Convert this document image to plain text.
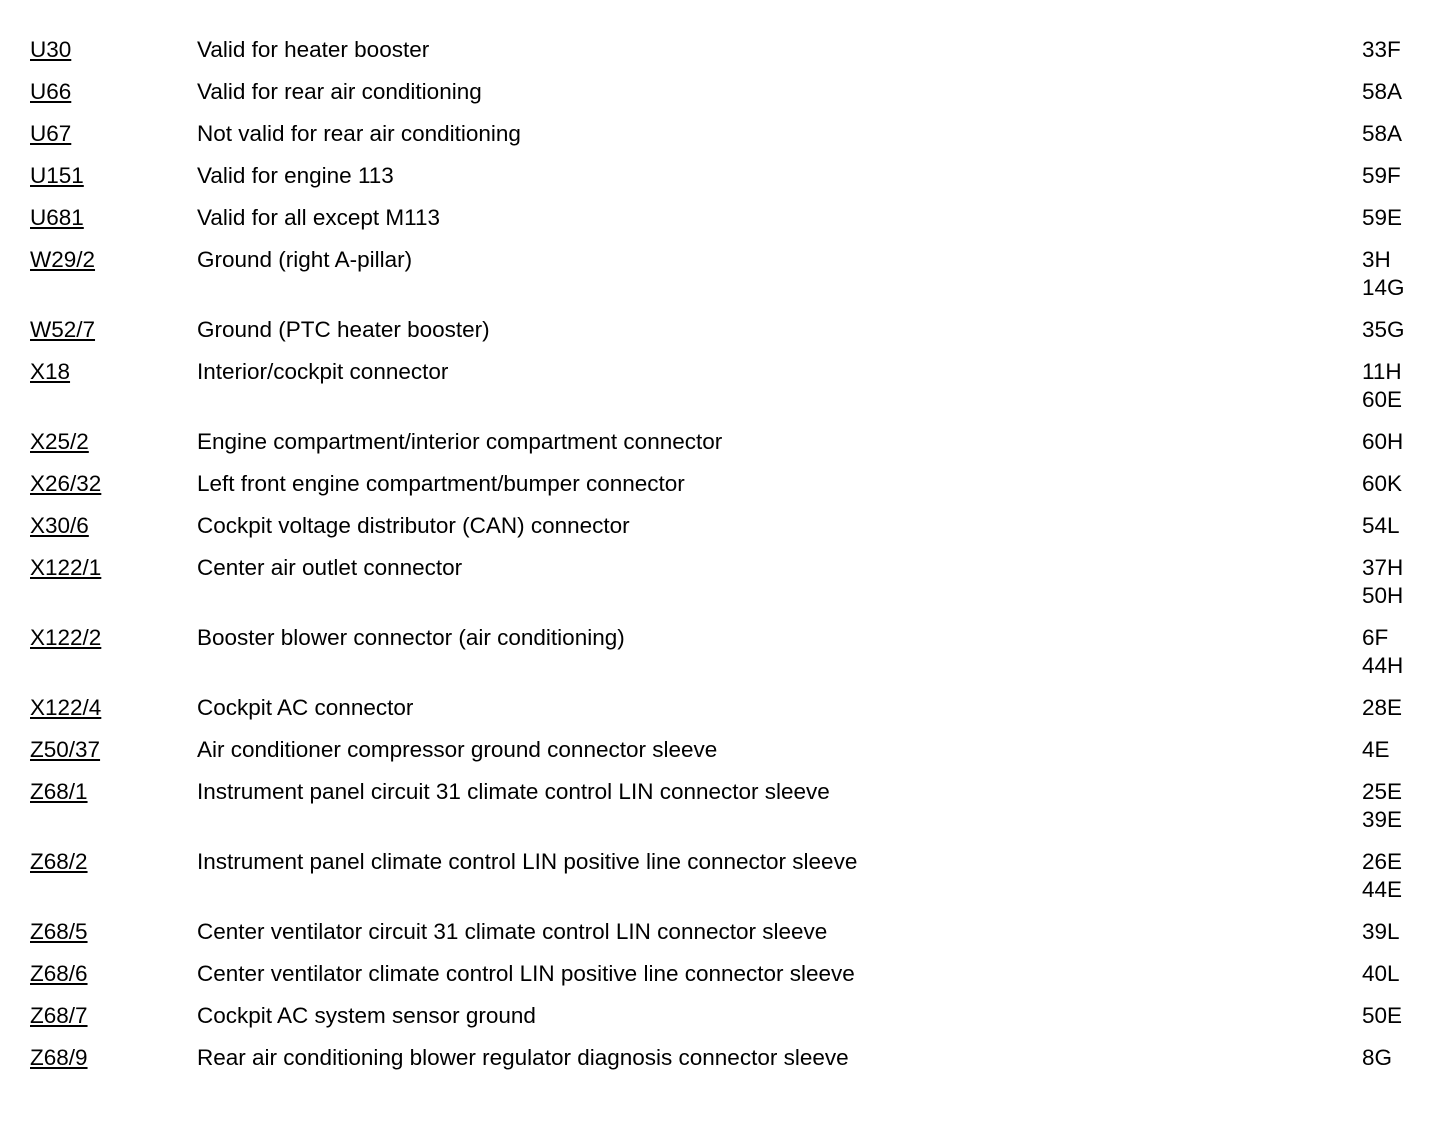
U30	Valid for heater booster	33F
U66	Valid for rear air conditioning	58A
U67	Not valid for rear air conditioning	58A
U151	Valid for engine 113	59F
U681	Valid for all except M113	59E
W29/2	Ground (right A-pillar)	3H
14G
W52/7	Ground (PTC heater booster)	35G
X18	Interior/cockpit connector	11H
60E
X25/2	Engine compartment/interior compartment connector	60H
X26/32	Left front engine compartment/bumper connector	60K
X30/6	Cockpit voltage distributor (CAN) connector	54L
X122/1	Center air outlet connector	37H
50H
X122/2	Booster blower connector (air conditioning)	6F
44H
X122/4	Cockpit AC connector	28E
Z50/37	Air conditioner compressor ground connector sleeve	4E
Z68/1	Instrument panel circuit 31 climate control LIN connector sleeve	25E
39E
Z68/2	Instrument panel climate control LIN positive line connector sleeve	26E
44E
Z68/5	Center ventilator circuit 31 climate control LIN connector sleeve	39L
Z68/6	Center ventilator climate control LIN positive line connector sleeve	40L
Z68/7	Cockpit AC system sensor ground	50E
Z68/9	Rear air conditioning blower regulator diagnosis connector sleeve	8G
